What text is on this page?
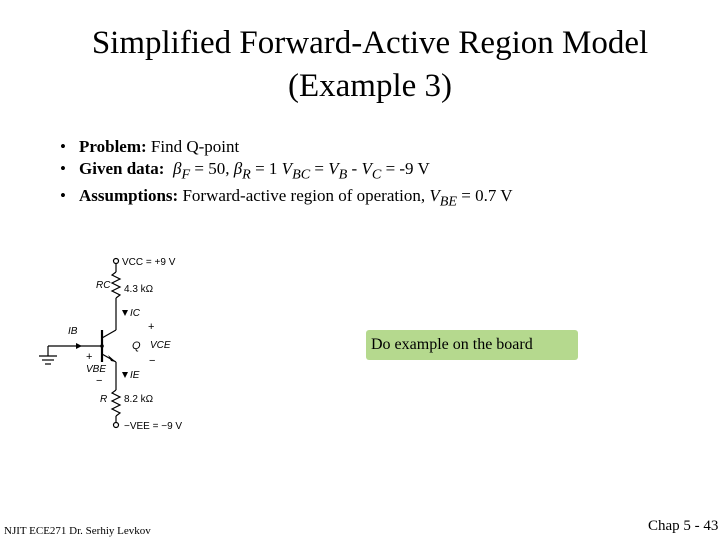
Simplified Forward-Active Region Model
(Example 3)
• Problem: Find Q-point
• Given data: $\beta_F = 50$, $\beta_R = 1$ $V_{BC} = V_B - V_C = -9$ V
• Assumptions: Forward-active region of operation, $V_{BE} = 0.7$ V
VCC = +9 V
RC 4.3 kΩ
IC
IB
Q
+
VCE
−
+
VBE
−	IE
R 8.2 kΩ
−VEE = −9 V
Do example on the board
NJIT ECE271 Dr. Serhiy Levkov	Chap 5 - 43
